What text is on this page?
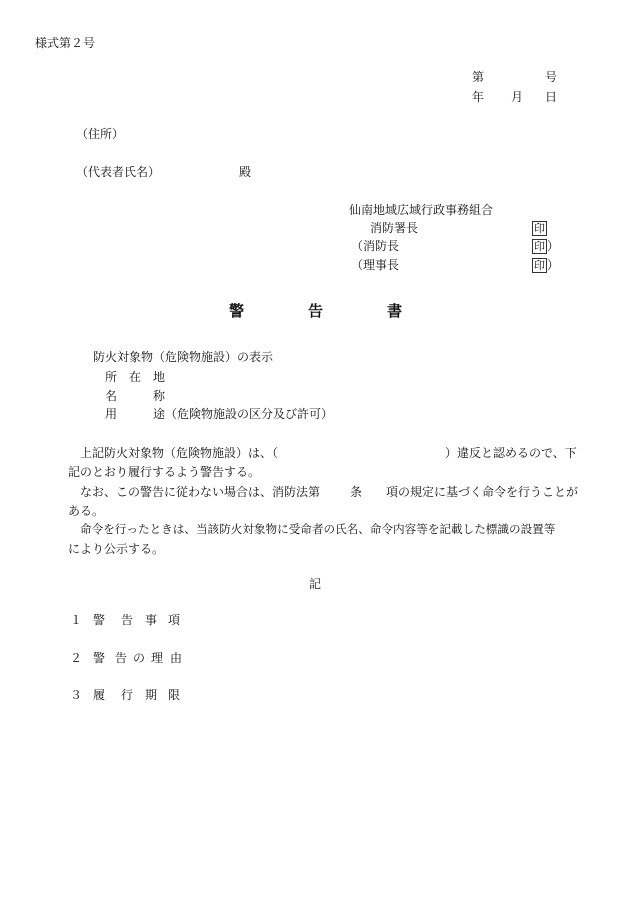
様式第２号
第	号
年 月 日
（住所）
（代表者氏名）	殿
仙南地域広域行政事務組合
消防署長	印
（消防長	印 ）
（理事長	印 ）
警	告	書
防火対象物（危険物施設）の表示
所 在 地
名	称
用	途 （危険物施設の区分及び許可）
上記防火対象物（危険物施設）は、（	）違反と認めるので、下
記のとおり履行するよう警告する。
なお、この警告に従わない場合は、消防法第 条 項の規定に基づく命令を行うことが
ある。
命令を行ったときは、当該防火対象物に受命者の氏名、命令内容等を記載した標識の設置等
により公示する。
記
１ 警 告 事 項
２ 警 告 の 理 由
３ 履 行 期 限
